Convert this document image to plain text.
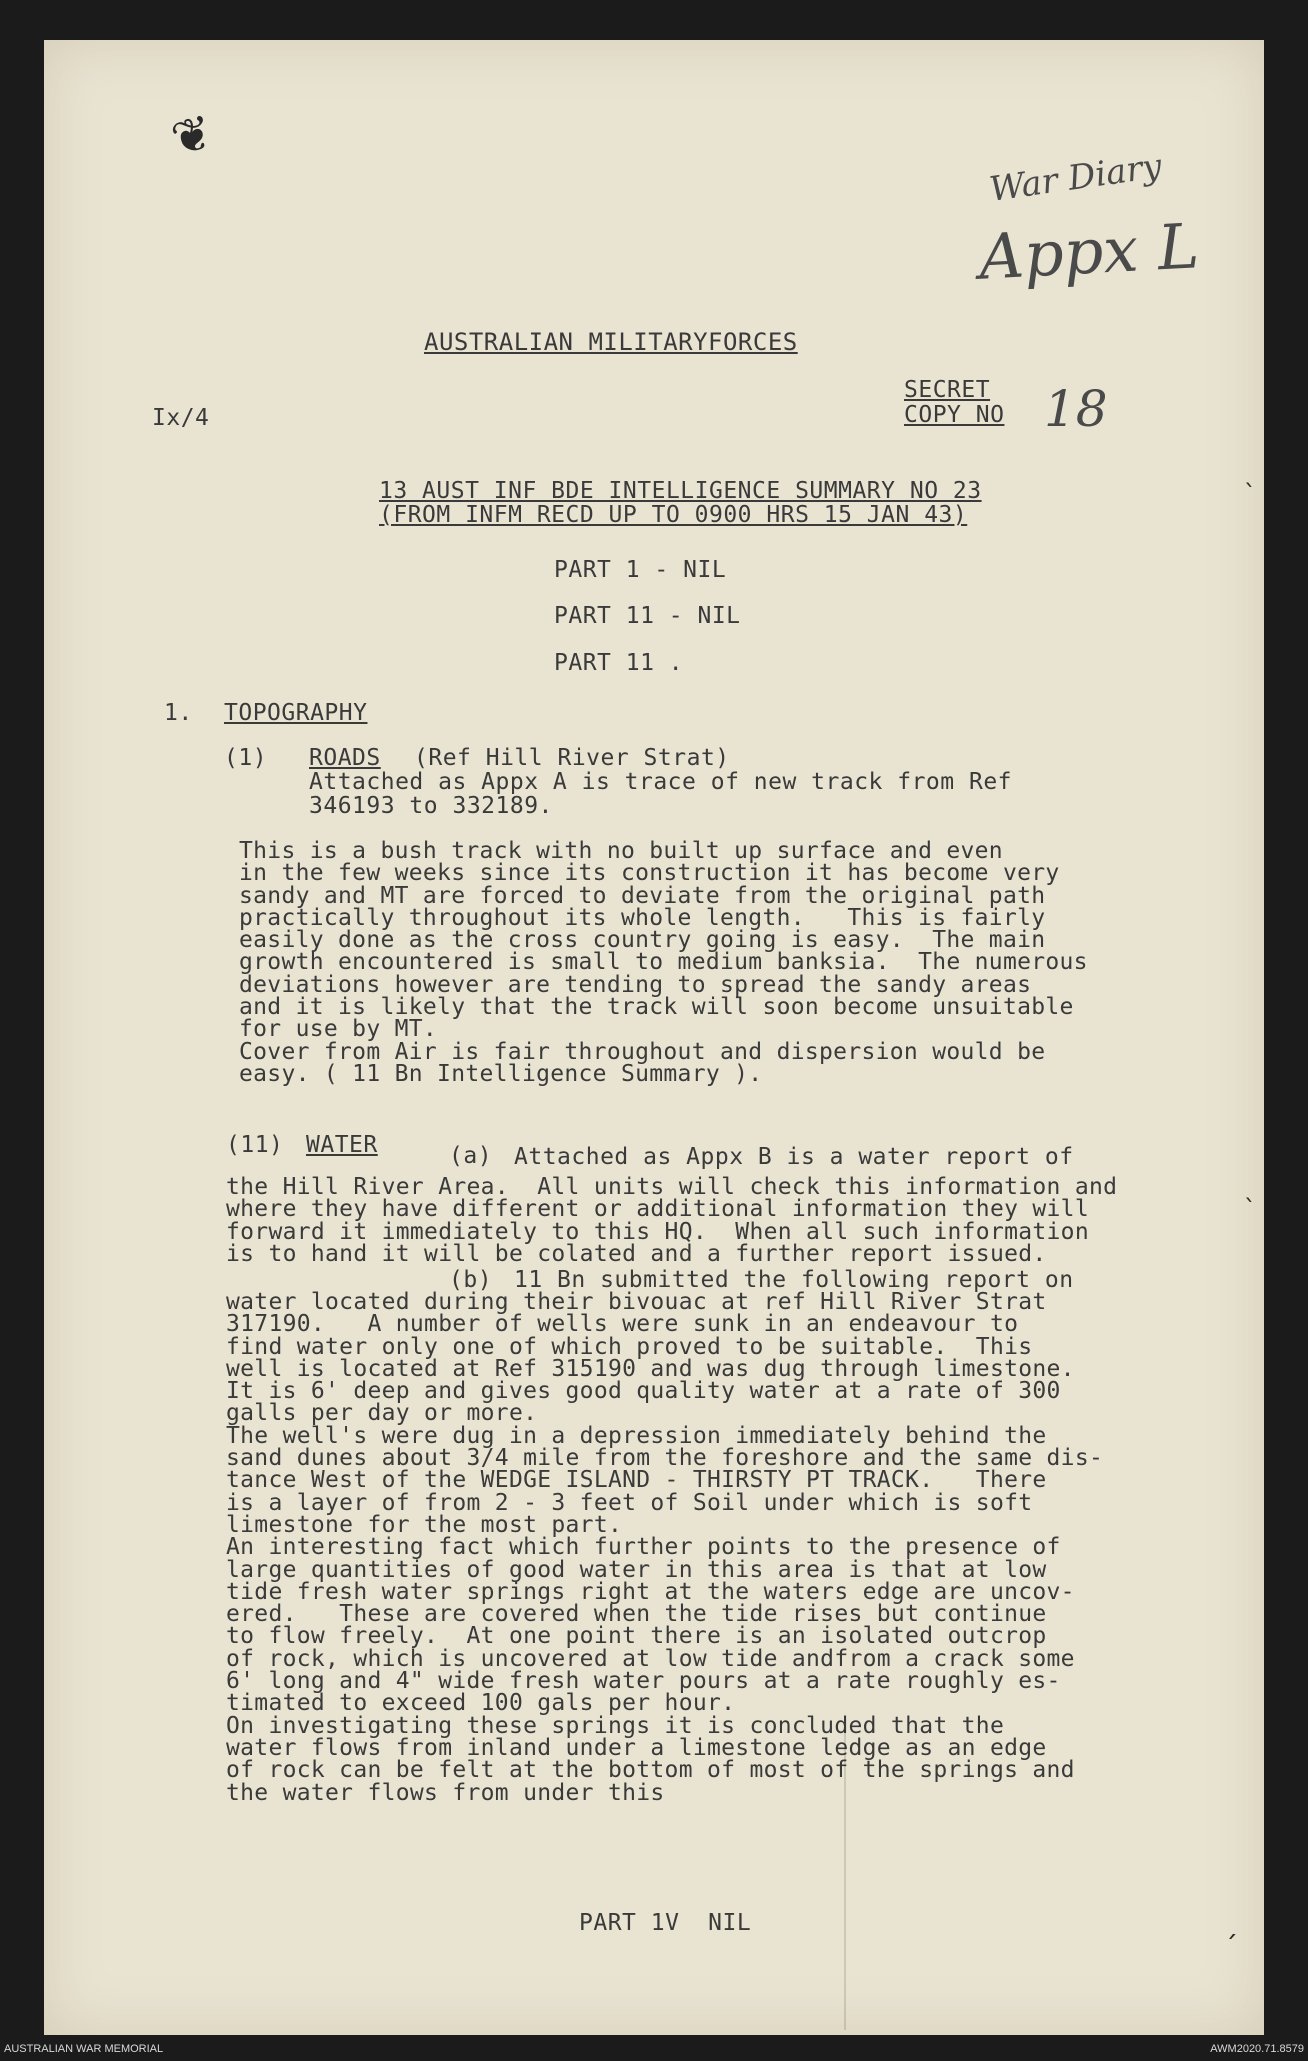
War Diary
Appx L
18
❦
ˋ
ˋ
ˊ
AUSTRALIAN MILITARYFORCES
Ix/4
SECRET
COPY NO
13 AUST INF BDE INTELLIGENCE SUMMARY NO 23
(FROM INFM RECD UP TO 0900 HRS 15 JAN 43)
PART 1 - NIL
PART 11 - NIL
PART 11 .
1. TOPOGRAPHY
(1) ROADS (Ref Hill River Strat)
Attached as Appx A is trace of new track from Ref
346193 to 332189.
This is a bush track with no built up surface and even
in the few weeks since its construction it has become very
sandy and MT are forced to deviate from the original path
practically throughout its whole length.   This is fairly
easily done as the cross country going is easy.  The main
growth encountered is small to medium banksia.  The numerous
deviations however are tending to spread the sandy areas
and it is likely that the track will soon become unsuitable
for use by MT.
Cover from Air is fair throughout and dispersion would be
easy. ( 11 Bn Intelligence Summary ).
(11) WATER	(a) Attached as Appx B is a water report of
the Hill River Area.  All units will check this information and
where they have different or additional information they will
forward it immediately to this HQ.  When all such information
is to hand it will be colated and a further report issued.
(b) 11 Bn submitted the following report on
water located during their bivouac at ref Hill River Strat
317190.   A number of wells were sunk in an endeavour to
find water only one of which proved to be suitable.  This
well is located at Ref 315190 and was dug through limestone.
It is 6' deep and gives good quality water at a rate of 300
galls per day or more.
The well's were dug in a depression immediately behind the
sand dunes about 3/4 mile from the foreshore and the same dis-
tance West of the WEDGE ISLAND - THIRSTY PT TRACK.   There
is a layer of from 2 - 3 feet of Soil under which is soft
limestone for the most part.
An interesting fact which further points to the presence of
large quantities of good water in this area is that at low
tide fresh water springs right at the waters edge are uncov-
ered.   These are covered when the tide rises but continue
to flow freely.  At one point there is an isolated outcrop
of rock, which is uncovered at low tide andfrom a crack some
6' long and 4" wide fresh water pours at a rate roughly es-
timated to exceed 100 gals per hour.
On investigating these springs it is concluded that the
water flows from inland under a limestone ledge as an edge
of rock can be felt at the bottom of most of the springs and
the water flows from under this
PART 1V  NIL
AUSTRALIAN WAR MEMORIAL	AWM2020.71.8579
